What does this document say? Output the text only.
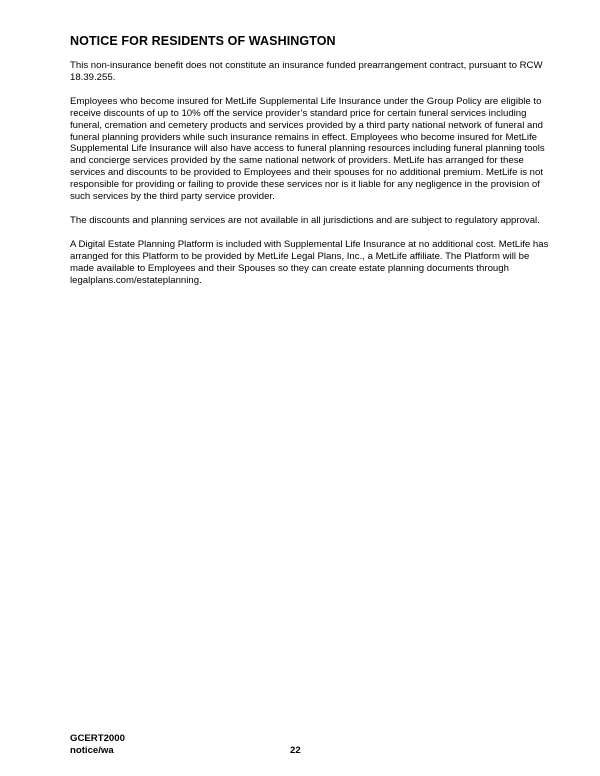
NOTICE FOR RESIDENTS OF WASHINGTON

This non-insurance benefit does not constitute an insurance funded prearrangement contract, pursuant to RCW 18.39.255.

Employees who become insured for MetLife Supplemental Life Insurance under the Group Policy are eligible to receive discounts of up to 10% off the service provider’s standard price for certain funeral services including funeral, cremation and cemetery products and services provided by a third party national network of funeral and funeral planning providers while such insurance remains in effect. Employees who become insured for MetLife Supplemental Life Insurance will also have access to funeral planning resources including funeral planning tools and concierge services provided by the same national network of providers. MetLife has arranged for these services and discounts to be provided to Employees and their spouses for no additional premium. MetLife is not responsible for providing or failing to provide these services nor is it liable for any negligence in the provision of such services by the third party service provider.

The discounts and planning services are not available in all jurisdictions and are subject to regulatory approval.

A Digital Estate Planning Platform is included with Supplemental Life Insurance at no additional cost. MetLife has arranged for this Platform to be provided by MetLife Legal Plans, Inc., a MetLife affiliate. The Platform will be made available to Employees and their Spouses so they can create estate planning documents through legalplans.com/estateplanning.

GCERT2000
notice/wa	22
